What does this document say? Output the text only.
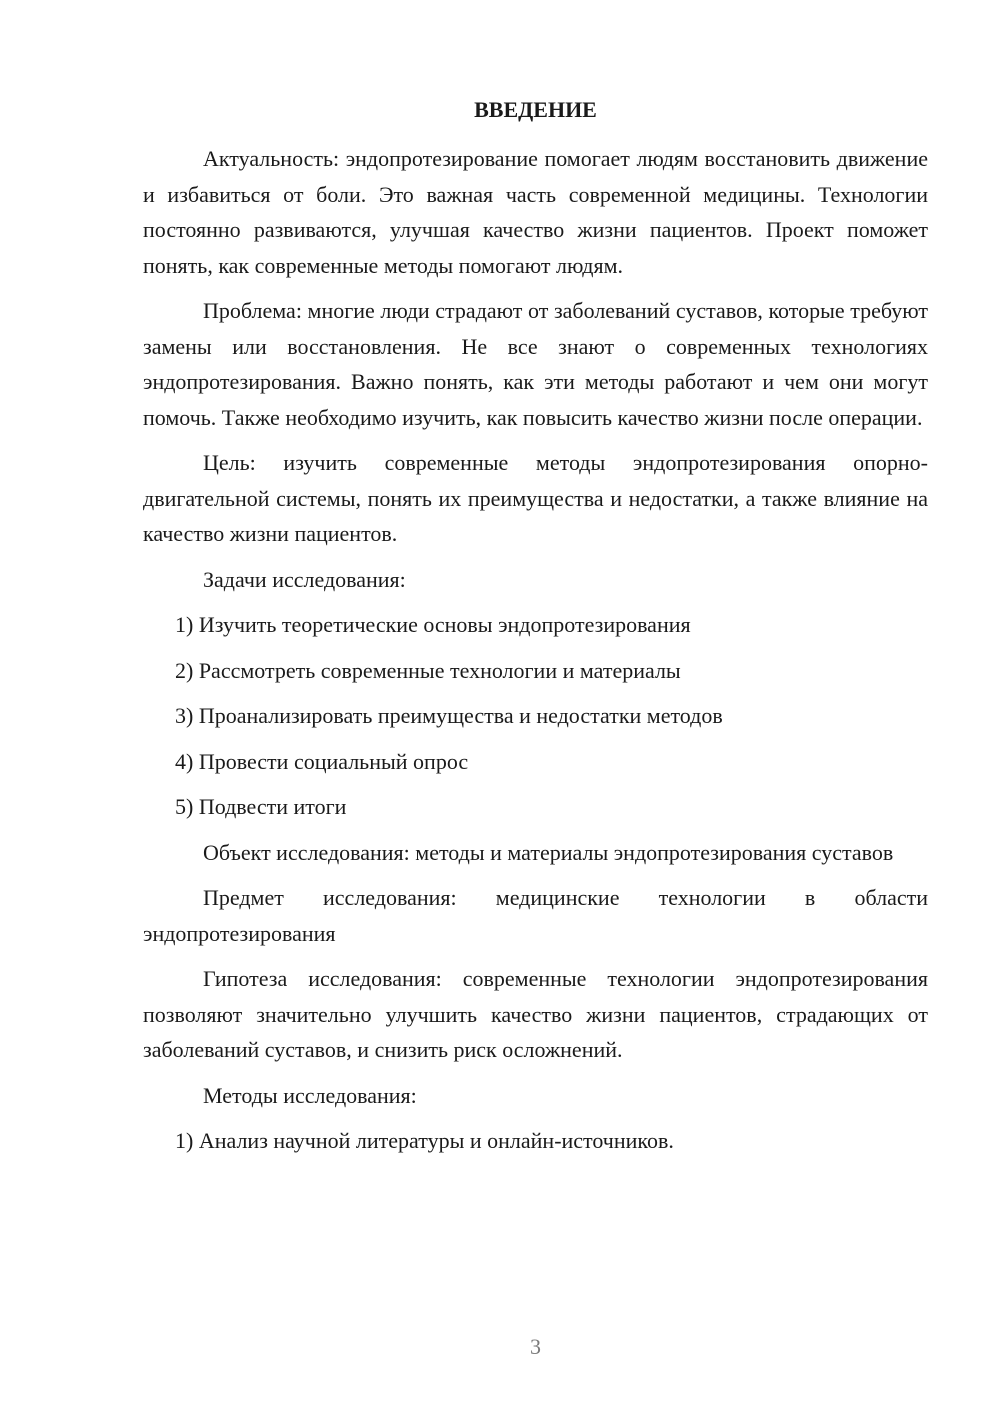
ВВЕДЕНИЕ

Актуальность: эндопротезирование помогает людям восстановить движение и избавиться от боли. Это важная часть современной медицины. Технологии постоянно развиваются, улучшая качество жизни пациентов. Проект поможет понять, как современные методы помогают людям.

Проблема: многие люди страдают от заболеваний суставов, которые требуют замены или восстановления. Не все знают о современных технологиях эндопротезирования. Важно понять, как эти методы работают и чем они могут помочь. Также необходимо изучить, как повысить качество жизни после операции.

Цель: изучить современные методы эндопротезирования опорно-двигательной системы, понять их преимущества и недостатки, а также влияние на качество жизни пациентов.

Задачи исследования:

1) Изучить теоретические основы эндопротезирования
2) Рассмотреть современные технологии и материалы
3) Проанализировать преимущества и недостатки методов
4) Провести социальный опрос
5) Подвести итоги

Объект исследования: методы и материалы эндопротезирования суставов

Предмет исследования: медицинские технологии в области эндопротезирования

Гипотеза исследования: современные технологии эндопротезирования позволяют значительно улучшить качество жизни пациентов, страдающих от заболеваний суставов, и снизить риск осложнений.

Методы исследования:

1) Анализ научной литературы и онлайн-источников.
3
